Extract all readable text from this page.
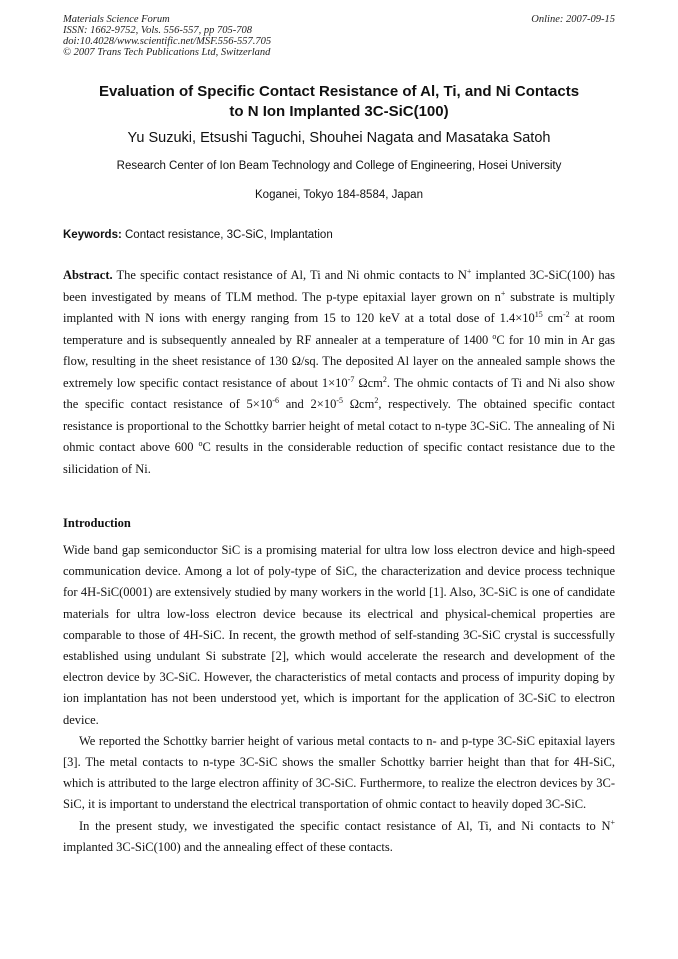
Materials Science Forum
ISSN: 1662-9752, Vols. 556-557, pp 705-708
doi:10.4028/www.scientific.net/MSF.556-557.705
© 2007 Trans Tech Publications Ltd, Switzerland
Online: 2007-09-15
Evaluation of Specific Contact Resistance of Al, Ti, and Ni Contacts
to N Ion Implanted 3C-SiC(100)
Yu Suzuki, Etsushi Taguchi, Shouhei Nagata and Masataka Satoh
Research Center of Ion Beam Technology and College of Engineering, Hosei University
Koganei, Tokyo 184-8584, Japan
Keywords: Contact resistance, 3C-SiC, Implantation
Abstract. The specific contact resistance of Al, Ti and Ni ohmic contacts to N+ implanted 3C-SiC(100) has been investigated by means of TLM method. The p-type epitaxial layer grown on n+ substrate is multiply implanted with N ions with energy ranging from 15 to 120 keV at a total dose of $1.4\times 10^{15}$ $cm^{-2}$ at room temperature and is subsequently annealed by RF annealer at a temperature of 1400 $^o$C for 10 min in Ar gas flow, resulting in the sheet resistance of 130 Ω/sq. The deposited Al layer on the annealed sample shows the extremely low specific contact resistance of about $1\times 10^{-7}$ Ωcm$^2$. The ohmic contacts of Ti and Ni also show the specific contact resistance of $5\times 10^{-6}$ and $2\times 10^{-5}$ Ωcm$^2$, respectively. The obtained specific contact resistance is proportional to the Schottky barrier height of metal cotact to n-type 3C-SiC. The annealing of Ni ohmic contact above 600 $^o$C results in the considerable reduction of specific contact resistance due to the silicidation of Ni.
Introduction

Wide band gap semiconductor SiC is a promising material for ultra low loss electron device and high-speed communication device. Among a lot of poly-type of SiC, the characterization and device process technique for 4H-SiC(0001) are extensively studied by many workers in the world [1]. Also, 3C-SiC is one of candidate materials for ultra low-loss electron device because its electrical and physical-chemical properties are comparable to those of 4H-SiC. In recent, the growth method of self-standing 3C-SiC crystal is successfully established using undulant Si substrate [2], which would accelerate the research and development of the electron device by 3C-SiC. However, the characteristics of metal contacts and process of impurity doping by ion implantation has not been understood yet, which is important for the application of 3C-SiC to electron device.

We reported the Schottky barrier height of various metal contacts to n- and p-type 3C-SiC epitaxial layers [3]. The metal contacts to n-type 3C-SiC shows the smaller Schottky barrier height than that for 4H-SiC, which is attributed to the large electron affinity of 3C-SiC. Furthermore, to realize the electron devices by 3C-SiC, it is important to understand the electrical transportation of ohmic contact to heavily doped 3C-SiC.

In the present study, we investigated the specific contact resistance of Al, Ti, and Ni contacts to N+ implanted 3C-SiC(100) and the annealing effect of these contacts.
